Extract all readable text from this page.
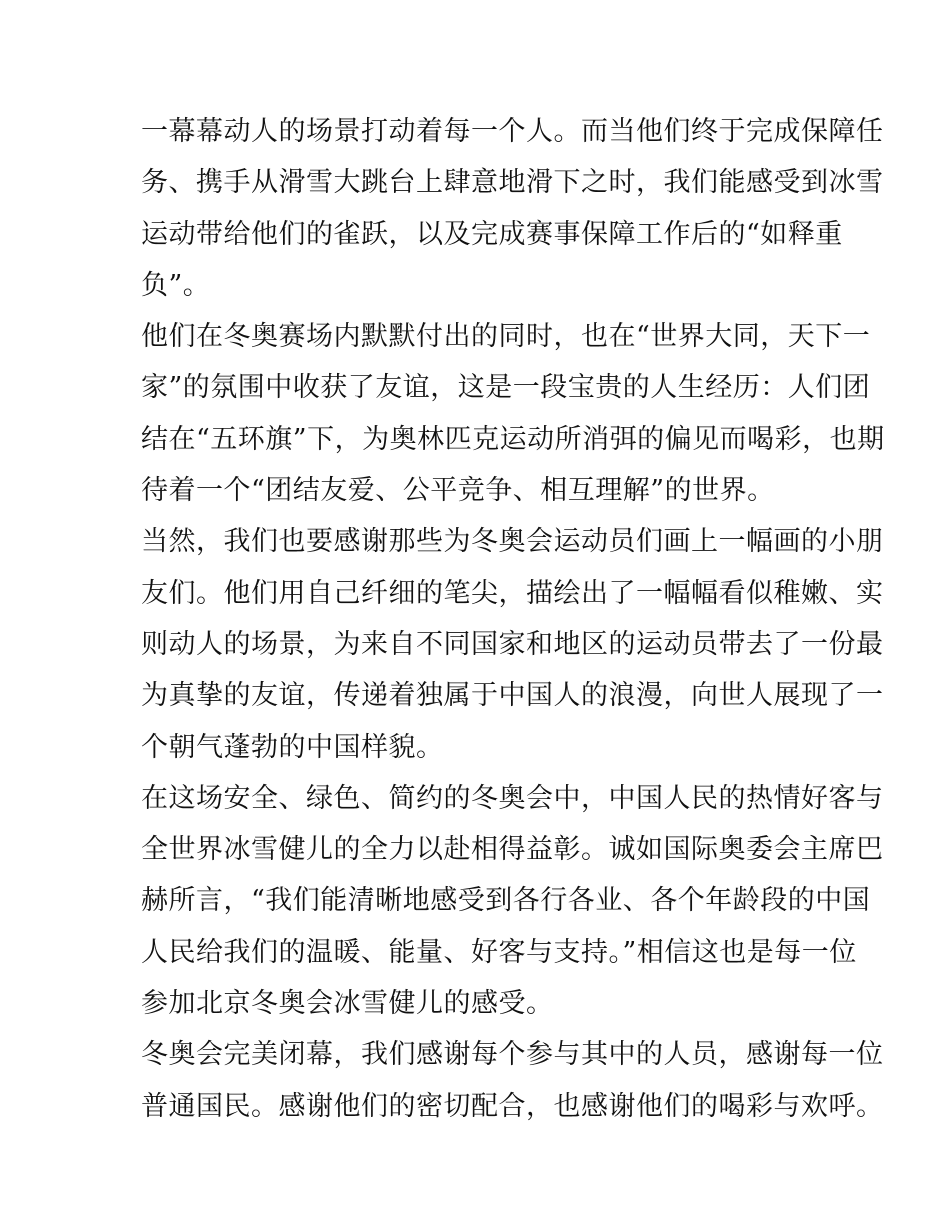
一幕幕动人的场景打动着每一个人。而当他们终于完成保障任
务、携手从滑雪大跳台上肆意地滑下之时，我们能感受到冰雪
运动带给他们的雀跃，以及完成赛事保障工作后的“如释重
负”。
他们在冬奥赛场内默默付出的同时，也在“世界大同，天下一
家”的氛围中收获了友谊，这是一段宝贵的人生经历：人们团
结在“五环旗”下，为奥林匹克运动所消弭的偏见而喝彩，也期
待着一个“团结友爱、公平竞争、相互理解”的世界。
当然，我们也要感谢那些为冬奥会运动员们画上一幅画的小朋
友们。他们用自己纤细的笔尖，描绘出了一幅幅看似稚嫩、实
则动人的场景，为来自不同国家和地区的运动员带去了一份最
为真挚的友谊，传递着独属于中国人的浪漫，向世人展现了一
个朝气蓬勃的中国样貌。
在这场安全、绿色、简约的冬奥会中，中国人民的热情好客与
全世界冰雪健儿的全力以赴相得益彰。诚如国际奥委会主席巴
赫所言，“我们能清晰地感受到各行各业、各个年龄段的中国
人民给我们的温暖、能量、好客与支持。”相信这也是每一位
参加北京冬奥会冰雪健儿的感受。
冬奥会完美闭幕，我们感谢每个参与其中的人员，感谢每一位
普通国民。感谢他们的密切配合，也感谢他们的喝彩与欢呼。
